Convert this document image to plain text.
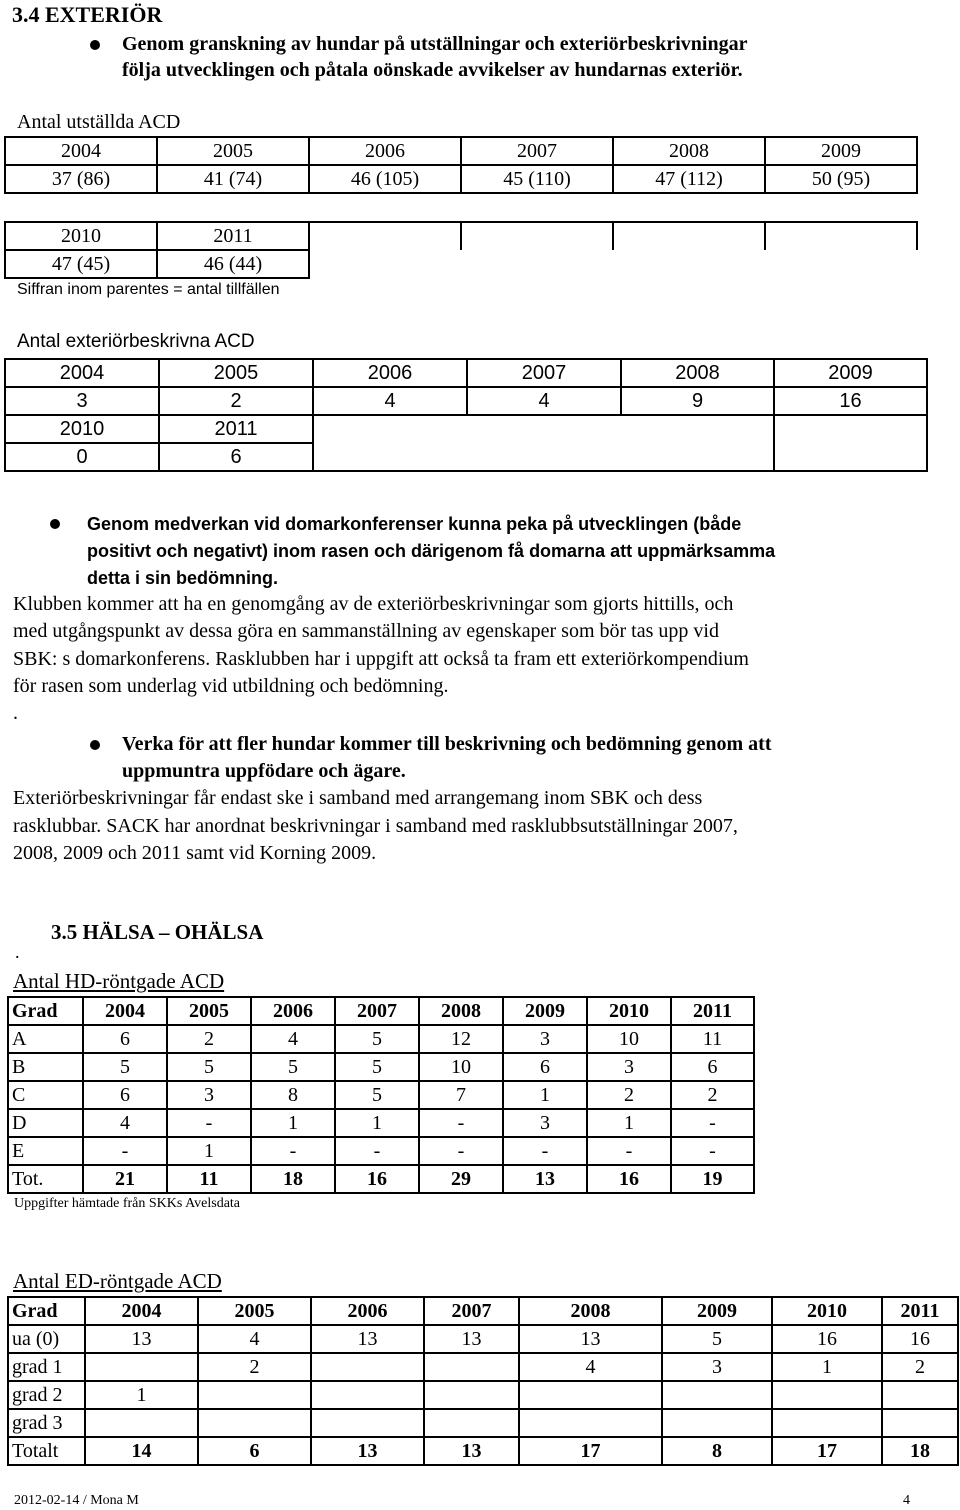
3.4 EXTERIÖR
Genom granskning av hundar på utställningar och exteriörbeskrivningar
följa utvecklingen och påtala oönskade avvikelser av hundarnas exteriör.
Antal utställda ACD
2004	2005	2006	2007	2008	2009
37 (86)	41 (74)	46 (105)	45 (110)	47 (112)	50 (95)
2010	2011				
47 (45)	46 (44)				
Siffran inom parentes = antal tillfällen
Antal exteriörbeskrivna ACD
2004	2005	2006	2007	2008	2009
3	2	4	4	9	16
2010	2011				
0	6				
Genom medverkan vid domarkonferenser kunna peka på utvecklingen (både
positivt och negativt) inom rasen och därigenom få domarna att uppmärksamma
detta i sin bedömning.
Klubben kommer att ha en genomgång av de exteriörbeskrivningar som gjorts hittills, och
med utgångspunkt av dessa göra en sammanställning av egenskaper som bör tas upp vid
SBK: s domarkonferens. Rasklubben har i uppgift att också ta fram ett exteriörkompendium
för rasen som underlag vid utbildning och bedömning.
.
Verka för att fler hundar kommer till beskrivning och bedömning genom att
uppmuntra uppfödare och ägare.
Exteriörbeskrivningar får endast ske i samband med arrangemang inom SBK och dess
rasklubbar. SACK har anordnat beskrivningar i samband med rasklubbsutställningar 2007,
2008, 2009 och 2011 samt vid Korning 2009.
3.5 HÄLSA – OHÄLSA
.
Antal HD-röntgade ACD
Grad	2004	2005	2006	2007	2008	2009	2010	2011
A	6	2	4	5	12	3	10	11
B	5	5	5	5	10	6	3	6
C	6	3	8	5	7	1	2	2
D	4	-	1	1	-	3	1	-
E	-	1	-	-	-	-	-	-
Tot.	21	11	18	16	29	13	16	19
Uppgifter hämtade från SKKs Avelsdata
Antal ED-röntgade ACD
Grad	2004	2005	2006	2007	2008	2009	2010	2011
ua (0)	13	4	13	13	13	5	16	16
grad 1		2			4	3	1	2
grad 2	1							
grad 3								
Totalt	14	6	13	13	17	8	17	18
2012-02-14 / Mona M	4
